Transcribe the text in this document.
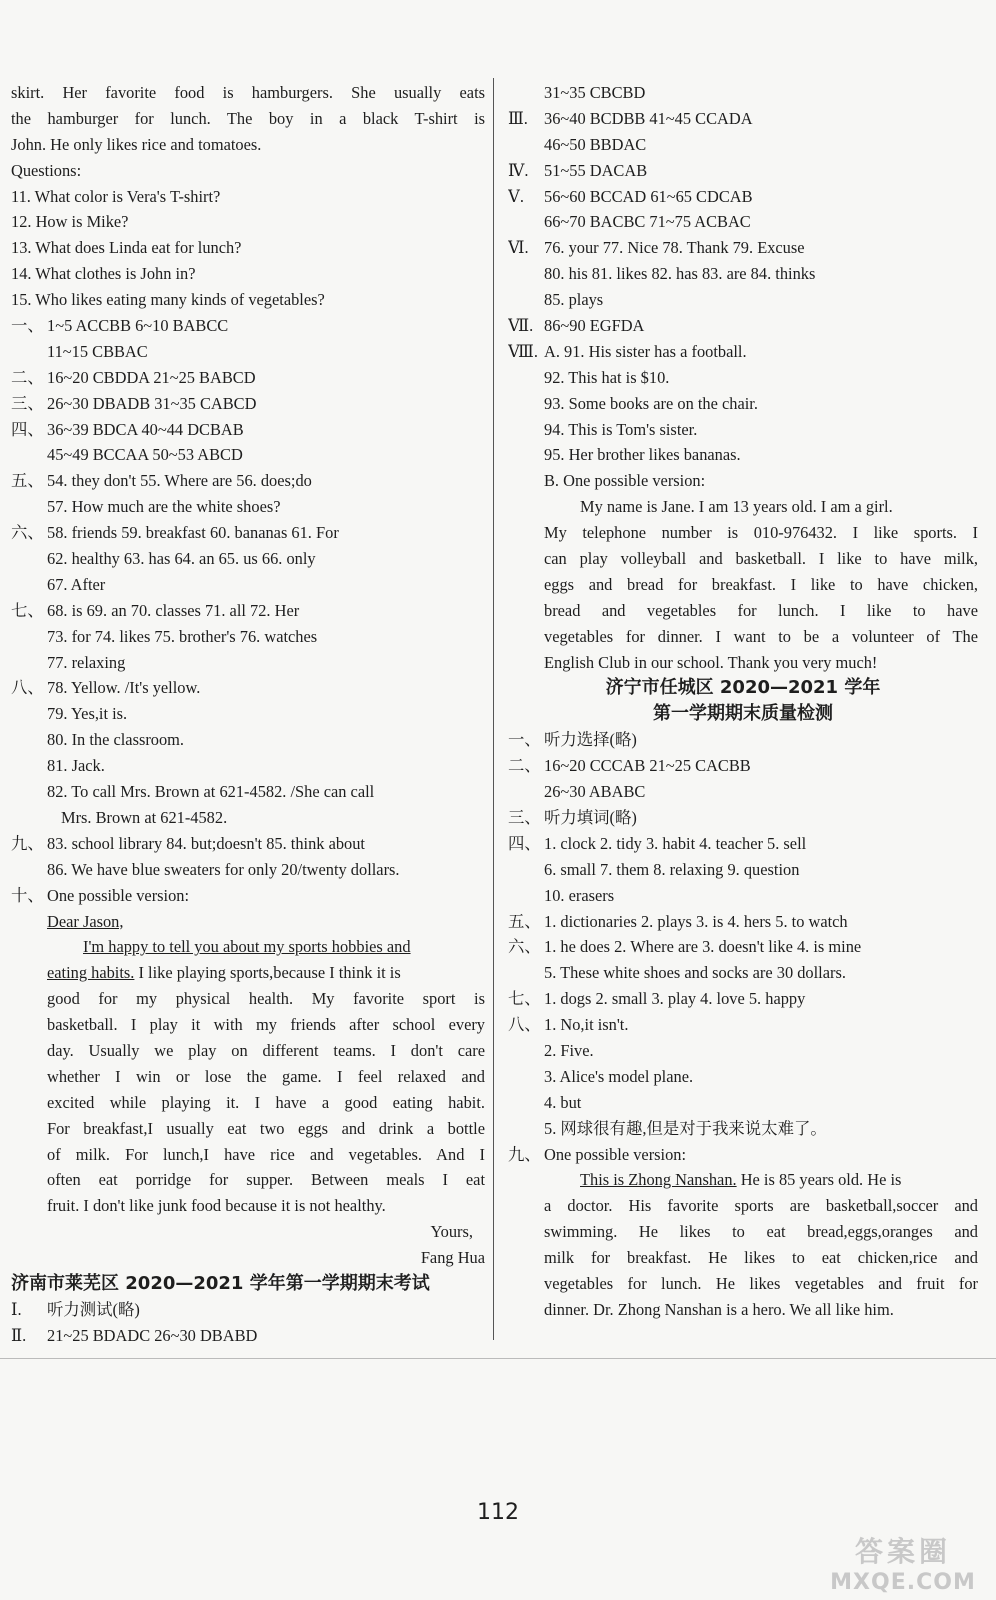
skirt. Her favorite food is hamburgers. She usually eats
the hamburger for lunch. The boy in a black T-shirt is
John. He only likes rice and tomatoes.
Questions:
11. What color is Vera's T-shirt?
12. How is Mike?
13. What does Linda eat for lunch?
14. What clothes is John in?
15. Who likes eating many kinds of vegetables?
一、 1~5 ACCBB 6~10 BABCC
11~15 CBBAC
二、 16~20 CBDDA 21~25 BABCD
三、 26~30 DBADB 31~35 CABCD
四、 36~39 BDCA 40~44 DCBAB
45~49 BCCAA 50~53 ABCD
五、 54. they don't 55. Where are 56. does;do
57. How much are the white shoes?
六、 58. friends 59. breakfast 60. bananas 61. For
62. healthy 63. has 64. an 65. us 66. only
67. After
七、 68. is 69. an 70. classes 71. all 72. Her
73. for 74. likes 75. brother's 76. watches
77. relaxing
八、 78. Yellow. /It's yellow.
79. Yes,it is.
80. In the classroom.
81. Jack.
82. To call Mrs. Brown at 621-4582. /She can call
Mrs. Brown at 621-4582.
九、 83. school library 84. but;doesn't 85. think about
86. We have blue sweaters for only 20/twenty dollars.
十、 One possible version:
Dear Jason,
I'm happy to tell you about my sports hobbies and
eating habits. I like playing sports,because I think it is
good for my physical health. My favorite sport is
basketball. I play it with my friends after school every
day. Usually we play on different teams. I don't care
whether I win or lose the game. I feel relaxed and
excited while playing it. I have a good eating habit.
For breakfast,I usually eat two eggs and drink a bottle
of milk. For lunch,I have rice and vegetables. And I
often eat porridge for supper. Between meals I eat
fruit. I don't like junk food because it is not healthy.
Yours,
Fang Hua
济南市莱芜区 2020—2021 学年第一学期期末考试
Ⅰ. 听力测试(略)
Ⅱ. 21~25 BDADC 26~30 DBABD
31~35 CBCBD
Ⅲ. 36~40 BCDBB 41~45 CCADA
46~50 BBDAC
Ⅳ. 51~55 DACAB
Ⅴ. 56~60 BCCAD 61~65 CDCAB
66~70 BACBC 71~75 ACBAC
Ⅵ. 76. your 77. Nice 78. Thank 79. Excuse
80. his 81. likes 82. has 83. are 84. thinks
85. plays
Ⅶ. 86~90 EGFDA
Ⅷ. A. 91. His sister has a football.
92. This hat is $10.
93. Some books are on the chair.
94. This is Tom's sister.
95. Her brother likes bananas.
B. One possible version:
My name is Jane. I am 13 years old. I am a girl.
My telephone number is 010-976432. I like sports. I
can play volleyball and basketball. I like to have milk,
eggs and bread for breakfast. I like to have chicken,
bread and vegetables for lunch. I like to have
vegetables for dinner. I want to be a volunteer of The
English Club in our school. Thank you very much!
济宁市任城区 2020—2021 学年
第一学期期末质量检测
一、 听力选择(略)
二、 16~20 CCCAB 21~25 CACBB
26~30 ABABC
三、 听力填词(略)
四、 1. clock 2. tidy 3. habit 4. teacher 5. sell
6. small 7. them 8. relaxing 9. question
10. erasers
五、 1. dictionaries 2. plays 3. is 4. hers 5. to watch
六、 1. he does 2. Where are 3. doesn't like 4. is mine
5. These white shoes and socks are 30 dollars.
七、 1. dogs 2. small 3. play 4. love 5. happy
八、 1. No,it isn't.
2. Five.
3. Alice's model plane.
4. but
5. 网球很有趣,但是对于我来说太难了。
九、 One possible version:
This is Zhong Nanshan. He is 85 years old. He is
a doctor. His favorite sports are basketball,soccer and
swimming. He likes to eat bread,eggs,oranges and
milk for breakfast. He likes to eat chicken,rice and
vegetables for lunch. He likes vegetables and fruit for
dinner. Dr. Zhong Nanshan is a hero. We all like him.
112
答案圈
MXQE.COM
